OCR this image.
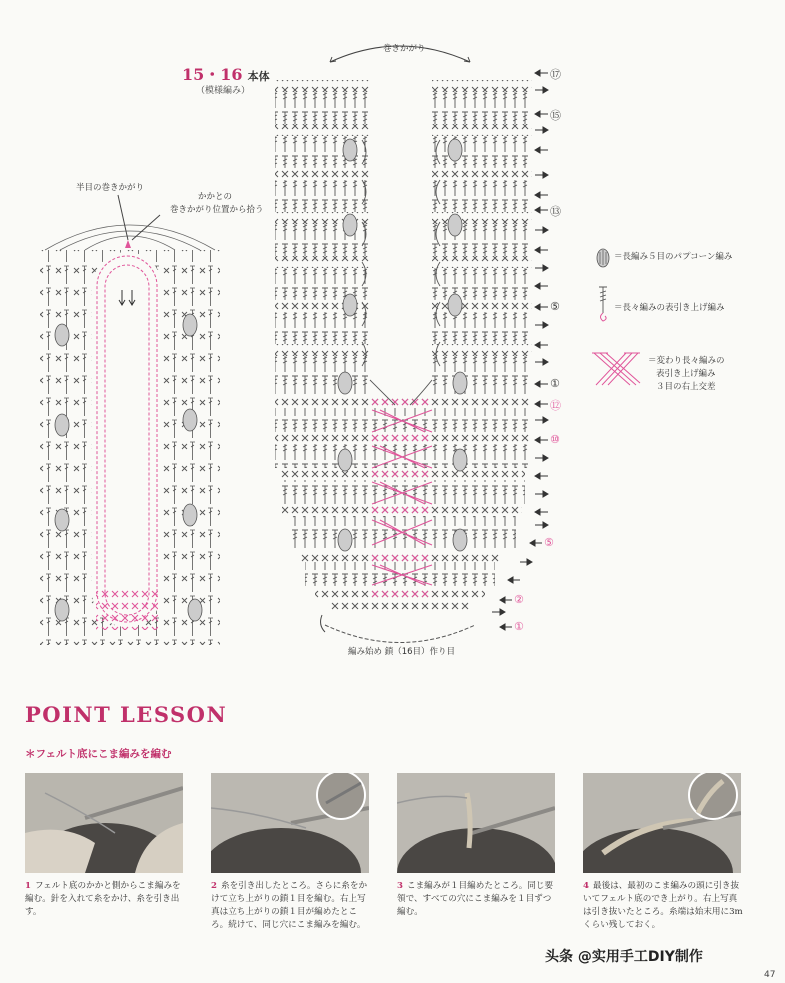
15・16 本体
（模様編み）
巻きかがり
半目の巻きかがり
かかとの
巻きかがり位置から拾う
編み始め 鎖（16目）作り目
⑰
⑮
⑬
⑤
①
⑫
⑩
⑤
②
①
＝長編み５目のパプコーン編み
＝長々編みの表引き上げ編み
＝変わり長々編みの
表引き上げ編み
３目の右上交差
POINT LESSON
＊フェルト底にこま編みを編む
1 フェルト底のかかと側からこま編みを編む。針を入れて糸をかけ、糸を引き出す。
2 糸を引き出したところ。さらに糸をかけて立ち上がりの鎖１目を編む。右上写真は立ち上がりの鎖１目が編めたところ。続けて、同じ穴にこま編みを編む。
3 こま編みが１目編めたところ。同じ要領で、すべての穴にこま編みを１目ずつ編む。
4 最後は、最初のこま編みの頭に引き抜いてフェルト底のでき上がり。右上写真は引き抜いたところ。糸端は始末用に3mくらい残しておく。
头条 @实用手工DIY制作
47
